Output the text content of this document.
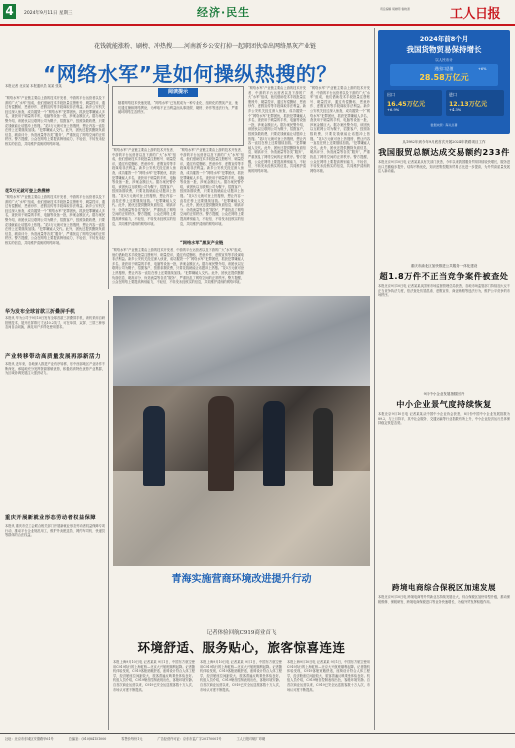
4	2024年9月11日 星期三	经济·民生	责任编辑 胡晓明 鲁晓清	工人日报
花钱就能涨粉、刷榜、冲热搜……河南新乡公安打掉一起职团伙牵出网络黑灰产业链
“网络水军”是如何操纵热搜的？
本报记者 北京某 本报通讯员 某某 张某
“网络水军”产业链主要由上游的技术开发者、中游的平台运营者以及下游的广大“水军”组成，他们借助技术手段批量注册账号、刷量控评，通过有偿删帖、恶意炒作、虚假宣传等手段谋取非法利益。新乡公安机关经过深入侦查，成功摧毁一个“网络水军”犯罪团伙，抓获犯罪嫌疑人多名，查获用于刷量的手机、电脑等设备一批，涉案金额巨大。据办案民警介绍，该团伙以互联网公司为幌子，招揽客户，按照条数收费，只要花钱就能让话题冲上热搜。“花5万元就可登上热搜榜，想让内容一直挂在榜上还要继续加钱。”犯罪嫌疑人交代。此外，团伙还提供删除负面信息、刷高评分、伪造流量等各类“服务”，严重扰乱了网络空间的正常秩序。警方提醒，公众在网络上要提高辨别能力，不轻信、不转发未经核实的信息，共同维护清朗的网络环境。
花5万元就可登上热搜榜
“网络水军”产业链主要由上游的技术开发者、中游的平台运营者以及下游的广大“水军”组成，他们借助技术手段批量注册账号、刷量控评，通过有偿删帖、恶意炒作、虚假宣传等手段谋取非法利益。新乡公安机关经过深入侦查，成功摧毁一个“网络水军”犯罪团伙，抓获犯罪嫌疑人多名，查获用于刷量的手机、电脑等设备一批，涉案金额巨大。据办案民警介绍，该团伙以互联网公司为幌子，招揽客户，按照条数收费，只要花钱就能让话题冲上热搜。“花5万元就可登上热搜榜，想让内容一直挂在榜上还要继续加钱。”犯罪嫌疑人交代。此外，团伙还提供删除负面信息、刷高评分、伪造流量等各类“服务”，严重扰乱了网络空间的正常秩序。警方提醒，公众在网络上要提高辨别能力，不轻信、不转发未经核实的信息，共同维护清朗的网络环境。
阅读提示
随着网络技术快速发展，“网络水军”已发展成为一种专业化、组织化的黑灰产业，他们通过操纵网络舆论，为牟取不正当利益而从事造假、刷榜、炒作等违法行为，严重破坏网络生态秩序。
“网络水军”产业链主要由上游的技术开发者、中游的平台运营者以及下游的广大“水军”组成，他们借助技术手段批量注册账号、刷量控评，通过有偿删帖、恶意炒作、虚假宣传等手段谋取非法利益。新乡公安机关经过深入侦查，成功摧毁一个“网络水军”犯罪团伙，抓获犯罪嫌疑人多名，查获用于刷量的手机、电脑等设备一批，涉案金额巨大。据办案民警介绍，该团伙以互联网公司为幌子，招揽客户，按照条数收费，只要花钱就能让话题冲上热搜。“花5万元就可登上热搜榜，想让内容一直挂在榜上还要继续加钱。”犯罪嫌疑人交代。此外，团伙还提供删除负面信息、刷高评分、伪造流量等各类“服务”，严重扰乱了网络空间的正常秩序。警方提醒，公众在网络上要提高辨别能力，不轻信、不转发未经核实的信息，共同维护清朗的网络环境。
“网络水军”黑灰产业链
“网络水军”产业链主要由上游的技术开发者、中游的平台运营者以及下游的广大“水军”组成，他们借助技术手段批量注册账号、刷量控评，通过有偿删帖、恶意炒作、虚假宣传等手段谋取非法利益。新乡公安机关经过深入侦查，成功摧毁一个“网络水军”犯罪团伙，抓获犯罪嫌疑人多名，查获用于刷量的手机、电脑等设备一批，涉案金额巨大。据办案民警介绍，该团伙以互联网公司为幌子，招揽客户，按照条数收费，只要花钱就能让话题冲上热搜。“花5万元就可登上热搜榜，想让内容一直挂在榜上还要继续加钱。”犯罪嫌疑人交代。此外，团伙还提供删除负面信息、刷高评分、伪造流量等各类“服务”，严重扰乱了网络空间的正常秩序。警方提醒，公众在网络上要提高辨别能力，不轻信、不转发未经核实的信息，共同维护清朗的网络环境。
“网络水军”产业链主要由上游的技术开发者、中游的平台运营者以及下游的广大“水军”组成，他们借助技术手段批量注册账号、刷量控评，通过有偿删帖、恶意炒作、虚假宣传等手段谋取非法利益。新乡公安机关经过深入侦查，成功摧毁一个“网络水军”犯罪团伙，抓获犯罪嫌疑人多名，查获用于刷量的手机、电脑等设备一批，涉案金额巨大。据办案民警介绍，该团伙以互联网公司为幌子，招揽客户，按照条数收费，只要花钱就能让话题冲上热搜。“花5万元就可登上热搜榜，想让内容一直挂在榜上还要继续加钱。”犯罪嫌疑人交代。此外，团伙还提供删除负面信息、刷高评分、伪造流量等各类“服务”，严重扰乱了网络空间的正常秩序。警方提醒，公众在网络上要提高辨别能力，不轻信、不转发未经核实的信息，共同维护清朗的网络环境。
“网络水军”产业链主要由上游的技术开发者、中游的平台运营者以及下游的广大“水军”组成，他们借助技术手段批量注册账号、刷量控评，通过有偿删帖、恶意炒作、虚假宣传等手段谋取非法利益。新乡公安机关经过深入侦查，成功摧毁一个“网络水军”犯罪团伙，抓获犯罪嫌疑人多名，查获用于刷量的手机、电脑等设备一批，涉案金额巨大。据办案民警介绍，该团伙以互联网公司为幌子，招揽客户，按照条数收费，只要花钱就能让话题冲上热搜。“花5万元就可登上热搜榜，想让内容一直挂在榜上还要继续加钱。”犯罪嫌疑人交代。此外，团伙还提供删除负面信息、刷高评分、伪造流量等各类“服务”，严重扰乱了网络空间的正常秩序。警方提醒，公众在网络上要提高辨别能力，不轻信、不转发未经核实的信息，共同维护清朗的网络环境。
“网络水军”产业链主要由上游的技术开发者、中游的平台运营者以及下游的广大“水军”组成，他们借助技术手段批量注册账号、刷量控评，通过有偿删帖、恶意炒作、虚假宣传等手段谋取非法利益。新乡公安机关经过深入侦查，成功摧毁一个“网络水军”犯罪团伙，抓获犯罪嫌疑人多名，查获用于刷量的手机、电脑等设备一批，涉案金额巨大。据办案民警介绍，该团伙以互联网公司为幌子，招揽客户，按照条数收费，只要花钱就能让话题冲上热搜。“花5万元就可登上热搜榜，想让内容一直挂在榜上还要继续加钱。”犯罪嫌疑人交代。此外，团伙还提供删除负面信息、刷高评分、伪造流量等各类“服务”，严重扰乱了网络空间的正常秩序。警方提醒，公众在网络上要提高辨别能力，不轻信、不转发未经核实的信息，共同维护清朗的网络环境。
2024年前8个月
我国货物贸易保持增长
以人民币计
进出口总值
28.58万亿元
+6%
出口
16.45万亿元
+6.9%
进口
12.13万亿元
+4.3%
数据来源：海关总署
从1982年到今年9月底首次开展2024年铁路项目工作
我国服贸总额达成交易额约233件
本报北京9月10日电 记者某某从有关部门获悉，今年以来我国服务贸易持续较快增长，服务进出口总额稳步提升，结构不断优化，知识密集型服务贸易占比进一步提高，为外贸高质量发展注入新动能。
重庆市渝北区加快推进公共服务一体化建设
超1.8万件不正当竞争案件被查处
本报北京9月10日电 记者某某从国家市场监督管理总局获悉，各地市场监管部门持续加大反不正当竞争执法力度，依法查处仿冒混淆、虚假宣传、商业贿赂等违法行为，维护公平竞争的市场秩序。
9月中小企业发展指数回升
中小企业景气度持续恢复
本报北京9月10日电 记者某某从中国中小企业协会获悉，8月份中国中小企业发展指数为89.2，与上月持平，其中社会服务、交通运输等行业指数有所上升，中小企业经济运行总体保持稳定恢复态势。
跨境电商综合保税区加速发展
本报北京9月10日电 跨境电商等外贸新业态持续发展壮大，综合保税区加快转型升级，推动保税维修、保税研发、跨境电商保税进口等业务快速增长，为稳外贸发挥积极作用。
华为发布全球首款三折叠屏手机
本报讯 华为公司于9月10日发布全球首款三折叠屏手机，该机采用自研铰链技术，展开后屏幕尺寸达10.2英寸，可在单屏、双屏、三屏三种形态间自由切换，满足用户多样化使用需求。
产业转移带动高质量发展再添新活力
本报讯 近年来，各地深入推进产业有序转移，东中西部地区产业协作不断深化，承接地充分发挥资源禀赋优势，积极培育特色优势产业集群，为区域协调发展注入强劲动力。
重庆开展新就业形态劳动者权益保障
本报讯 重庆市总工会联合相关部门开展新就业形态劳动者权益保障专项行动，推动平台企业规范用工，维护外卖配送员、网约车司机、快递员等群体的合法权益。
青海实施营商环境改进提升行动
记者体验回航C919商业首飞
环境舒适、服务贴心，旅客惊喜连连
本报上海9月10日电 记者某某 9月1日，中国东方航空使用C919执行的上海虹桥—北京大兴航班顺利起降。记者随机体验发现，C919客舱宽敞舒适，座椅设计符合人体工程学，经济舱座位间距较大，旅客普遍反映乘坐体验良好。机组人员介绍，C919噪音控制表现出色，客舱环境安静。自首次商业运营以来，C919已安全运送旅客数十万人次，市场认可度不断提高。
本报上海9月10日电 记者某某 9月1日，中国东方航空使用C919执行的上海虹桥—北京大兴航班顺利起降。记者随机体验发现，C919客舱宽敞舒适，座椅设计符合人体工程学，经济舱座位间距较大，旅客普遍反映乘坐体验良好。机组人员介绍，C919噪音控制表现出色，客舱环境安静。自首次商业运营以来，C919已安全运送旅客数十万人次，市场认可度不断提高。
本报上海9月10日电 记者某某 9月1日，中国东方航空使用C919执行的上海虹桥—北京大兴航班顺利起降。记者随机体验发现，C919客舱宽敞舒适，座椅设计符合人体工程学，经济舱座位间距较大，旅客普遍反映乘坐体验良好。机组人员介绍，C919噪音控制表现出色，客舱环境安静。自首次商业运营以来，C919已安全运送旅客数十万人次，市场认可度不断提高。
社址：北京市东城区安德路甲61号	总编室：(010)84151000	零售价每份1元	广告经营许可证：京东市监广字20170001号	工人日报印刷厂印刷
